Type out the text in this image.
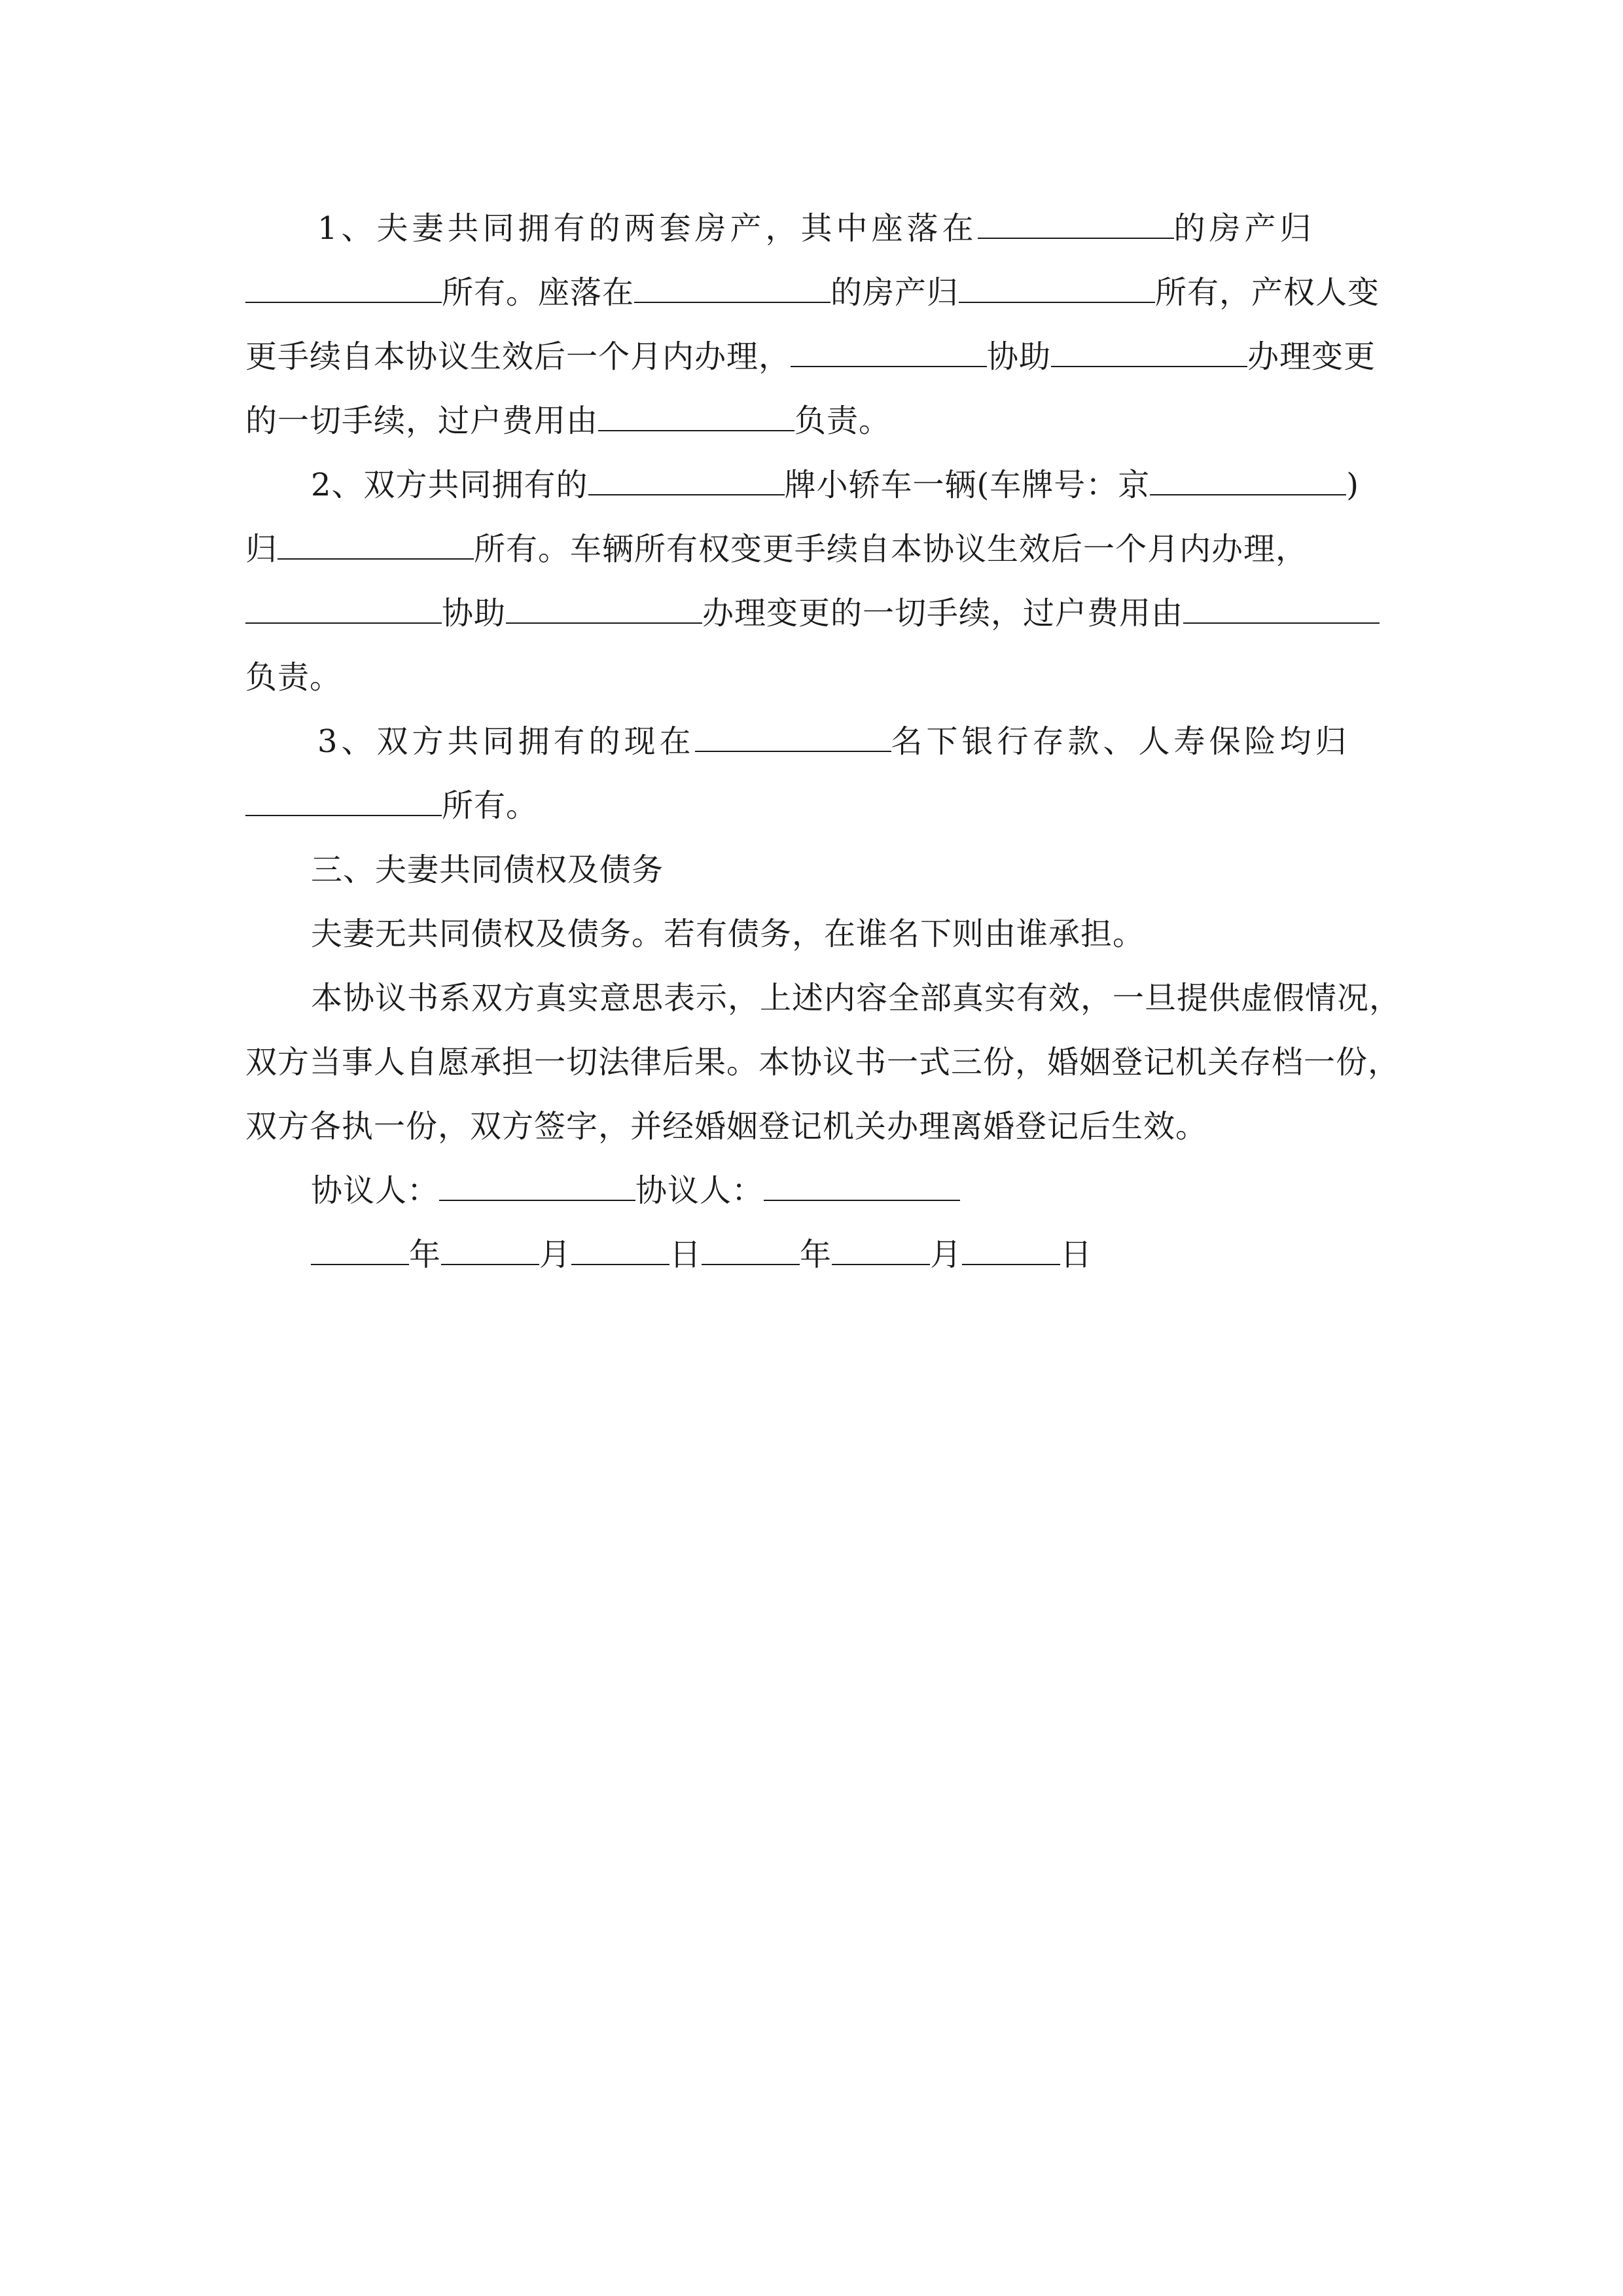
1、夫妻共同拥有的两套房产，其中座落在	的房产归
所有。座落在	的房产归	所有，产权人变
更手续自本协议生效后一个月内办理，	协助	办理变更
的一切手续，过户费用由	负责。
2、双方共同拥有的	牌小轿车一辆(车牌号：京	)
归	所有。车辆所有权变更手续自本协议生效后一个月内办理，
协助	办理变更的一切手续，过户费用由
负责。
3、双方共同拥有的现在	名下银行存款、人寿保险均归
所有。
三、夫妻共同债权及债务
夫妻无共同债权及债务。若有债务，在谁名下则由谁承担。
本协议书系双方真实意思表示，上述内容全部真实有效，一旦提供虚假情况，
双方当事人自愿承担一切法律后果。本协议书一式三份，婚姻登记机关存档一份，
双方各执一份，双方签字，并经婚姻登记机关办理离婚登记后生效。
协议人：	协议人：
年	月	日	年	月	日
